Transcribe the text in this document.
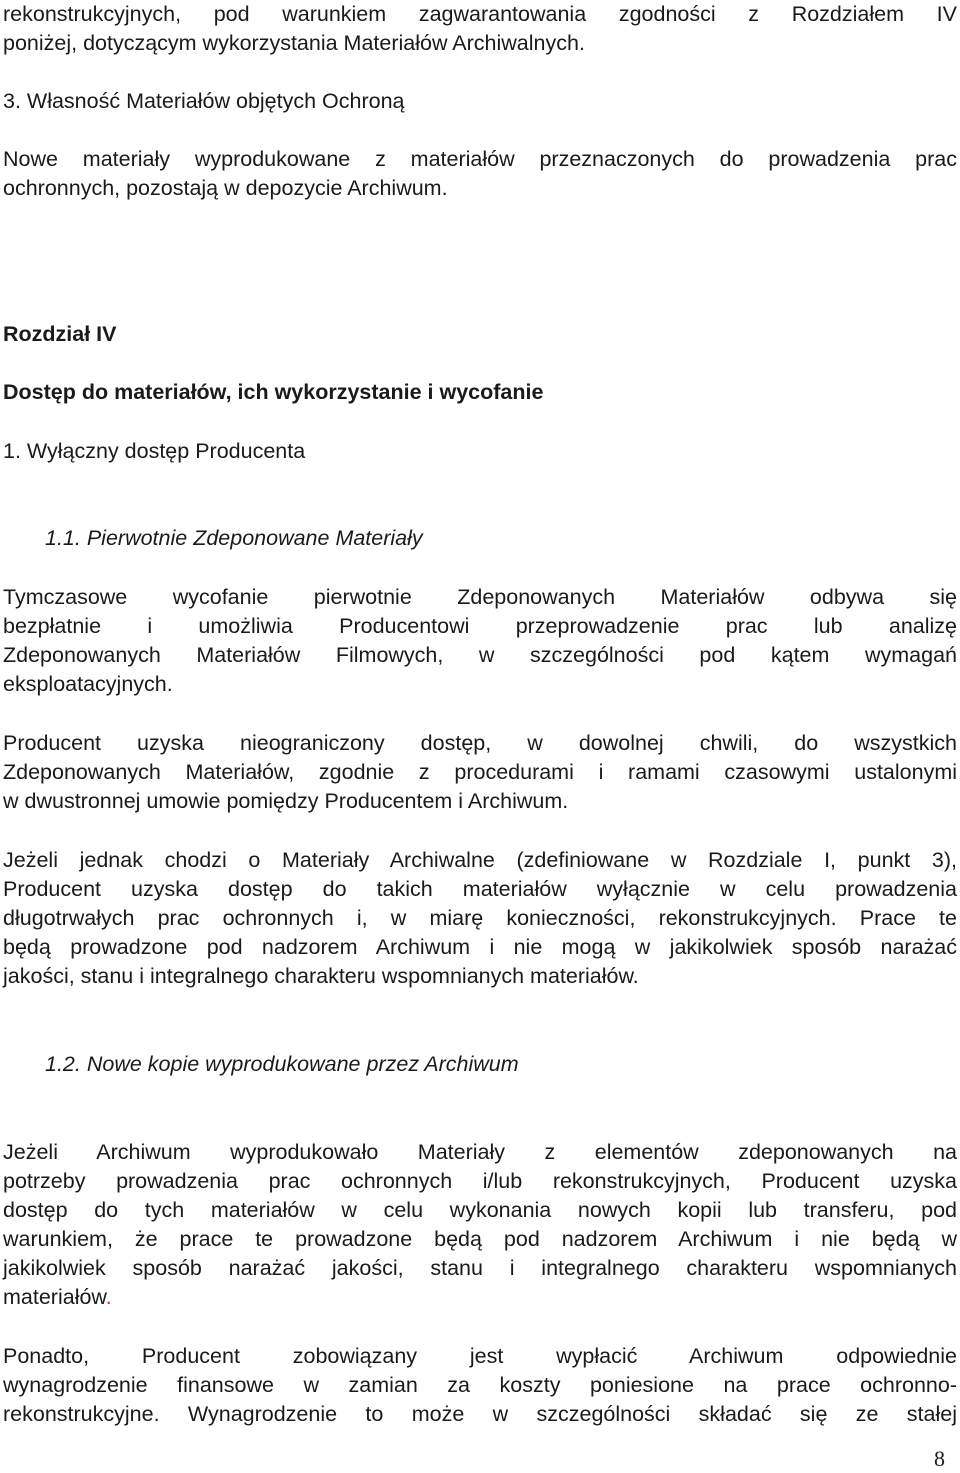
rekonstrukcyjnych, pod warunkiem zagwarantowania zgodności z Rozdziałem IV
poniżej, dotyczącym wykorzystania Materiałów Archiwalnych.
3. Własność Materiałów objętych Ochroną
Nowe materiały wyprodukowane z materiałów przeznaczonych do prowadzenia prac
ochronnych, pozostają w depozycie Archiwum.
Rozdział IV
Dostęp do materiałów, ich wykorzystanie i wycofanie
1. Wyłączny dostęp Producenta
1.1. Pierwotnie Zdeponowane Materiały
Tymczasowe wycofanie pierwotnie Zdeponowanych Materiałów odbywa się
bezpłatnie i umożliwia Producentowi przeprowadzenie prac lub analizę
Zdeponowanych Materiałów Filmowych, w szczególności pod kątem wymagań
eksploatacyjnych.
Producent uzyska nieograniczony dostęp, w dowolnej chwili, do wszystkich
Zdeponowanych Materiałów, zgodnie z procedurami i ramami czasowymi ustalonymi
w dwustronnej umowie pomiędzy Producentem i Archiwum.
Jeżeli jednak chodzi o Materiały Archiwalne (zdefiniowane w Rozdziale I, punkt 3),
Producent uzyska dostęp do takich materiałów wyłącznie w celu prowadzenia
długotrwałych prac ochronnych i, w miarę konieczności, rekonstrukcyjnych. Prace te
będą prowadzone pod nadzorem Archiwum i nie mogą w jakikolwiek sposób narażać
jakości, stanu i integralnego charakteru wspomnianych materiałów.
1.2. Nowe kopie wyprodukowane przez Archiwum
Jeżeli Archiwum wyprodukowało Materiały z elementów zdeponowanych na
potrzeby prowadzenia prac ochronnych i/lub rekonstrukcyjnych, Producent uzyska
dostęp do tych materiałów w celu wykonania nowych kopii lub transferu, pod
warunkiem, że prace te prowadzone będą pod nadzorem Archiwum i nie będą w
jakikolwiek sposób narażać jakości, stanu i integralnego charakteru wspomnianych
materiałów.
Ponadto, Producent zobowiązany jest wypłacić Archiwum odpowiednie
wynagrodzenie finansowe w zamian za koszty poniesione na prace ochronno-
rekonstrukcyjne. Wynagrodzenie to może w szczególności składać się ze stałej
8
